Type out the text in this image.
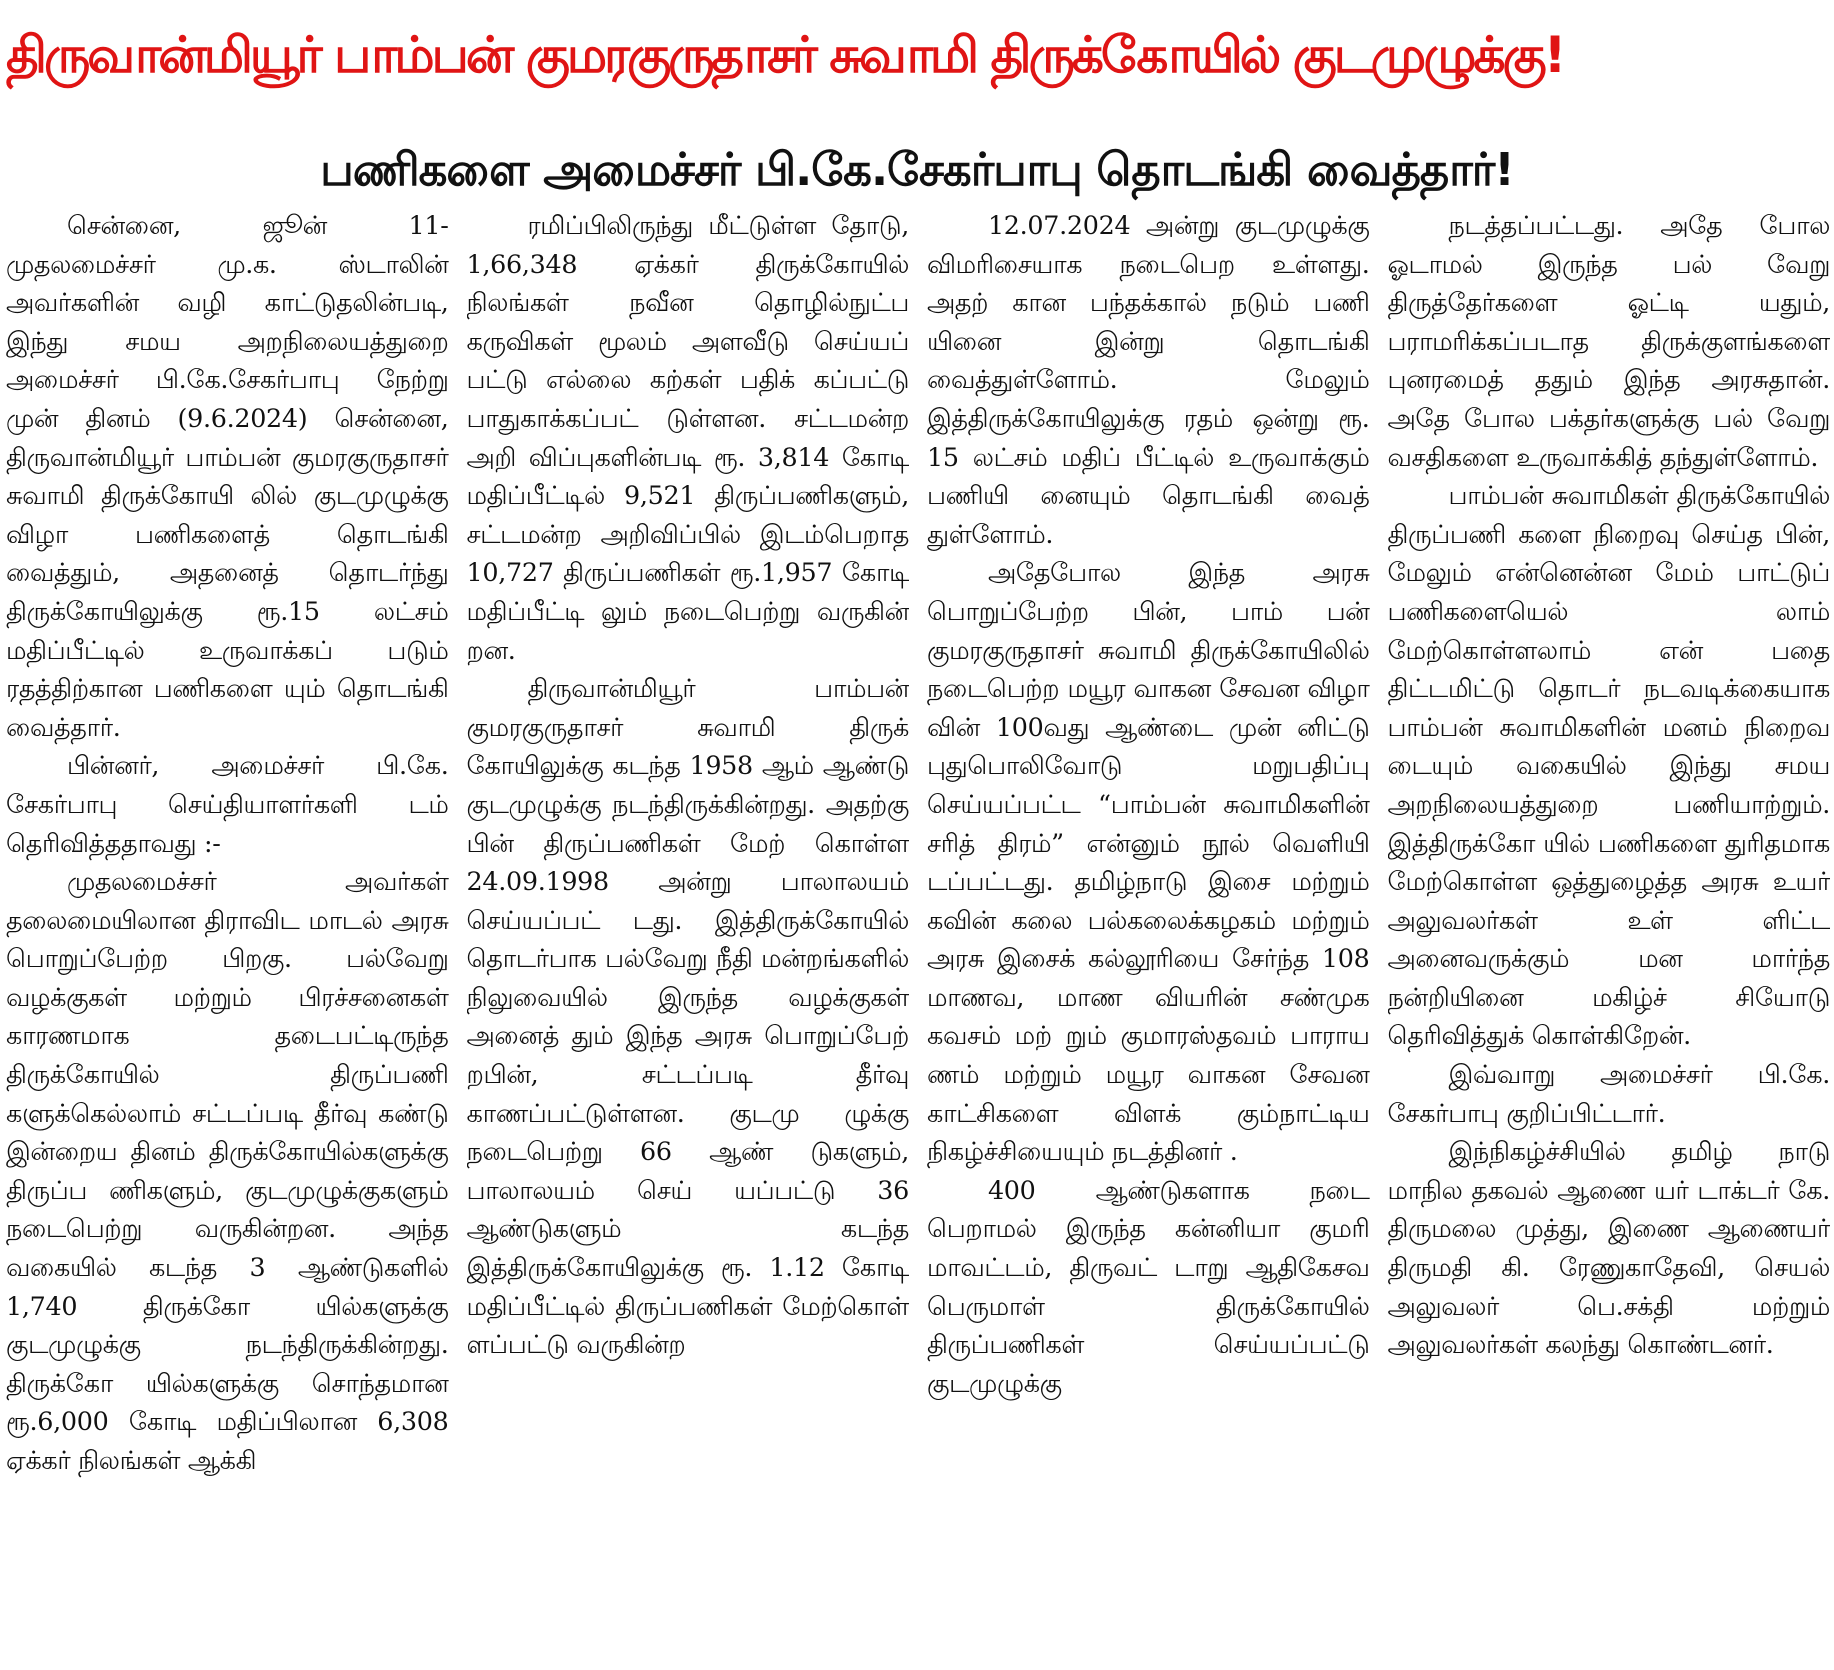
திருவான்மியூர் பாம்பன் குமரகுருதாசர் சுவாமி திருக்கோயில் குடமுழுக்கு!
பணிகளை அமைச்சர் பி.கே.சேகர்பாபு தொடங்கி வைத்தார்!

சென்னை, ஜூன் 11- முதலமைச்சர் மு.க. ஸ்டாலின் அவர்களின் வழி காட்டுதலின்படி, இந்து சமய அறநிலையத்துறை அமைச்சர் பி.கே.சேகர்பாபு நேற்று முன் தினம் (9.6.2024) சென்னை, திருவான்மியூர் பாம்பன் குமரகுருதாசர் சுவாமி திருக்கோயி லில் குடமுழுக்கு விழா பணிகளைத் தொடங்கி வைத்தும், அதனைத் தொடர்ந்து திருக்கோயிலுக்கு ரூ.15 லட்சம் மதிப்பீட்டில் உருவாக்கப் படும் ரதத்திற்கான பணிகளை யும் தொடங்கி வைத்தார்.

பின்னர், அமைச்சர் பி.கே. சேகர்பாபு செய்தியாளர்களி டம் தெரிவித்ததாவது :-

முதலமைச்சர் அவர்கள் தலைமையிலான திராவிட மாடல் அரசு பொறுப்பேற்ற பிறகு. பல்வேறு வழக்குகள் மற்றும் பிரச்சனைகள் காரணமாக தடைபட்டிருந்த திருக்கோயில் திருப்பணி களுக்கெல்லாம் சட்டப்படி தீர்வு கண்டு இன்றைய தினம் திருக்கோயில்களுக்கு திருப்ப ணிகளும், குடமுழுக்குகளும் நடைபெற்று வருகின்றன. அந்த வகையில் கடந்த 3 ஆண்டுகளில் 1,740 திருக்கோ யில்களுக்கு குடமுழுக்கு நடந்திருக்கின்றது. திருக்கோ யில்களுக்கு சொந்தமான ரூ.6,000 கோடி மதிப்பிலான 6,308 ஏக்கர் நிலங்கள் ஆக்கி

ரமிப்பிலிருந்து மீட்டுள்ள தோடு, 1,66,348 ஏக்கர் திருக்கோயில் நிலங்கள் நவீன தொழில்நுட்ப கருவிகள் மூலம் அளவீடு செய்யப் பட்டு எல்லை கற்கள் பதிக் கப்பட்டு பாதுகாக்கப்பட் டுள்ளன. சட்டமன்ற அறி விப்புகளின்படி ரூ. 3,814 கோடி மதிப்பீட்டில் 9,521 திருப்பணிகளும், சட்டமன்ற அறிவிப்பில் இடம்பெறாத 10,727 திருப்பணிகள் ரூ.1,957 கோடி மதிப்பீட்டி லும் நடைபெற்று வருகின் றன.

திருவான்மியூர் பாம்பன் குமரகுருதாசர் சுவாமி திருக் கோயிலுக்கு கடந்த 1958 ஆம் ஆண்டு குடமுழுக்கு நடந்திருக்கின்றது. அதற்கு பின் திருப்பணிகள் மேற் கொள்ள 24.09.1998 அன்று பாலாலயம் செய்யப்பட் டது. இத்திருக்கோயில் தொடர்பாக பல்வேறு நீதி மன்றங்களில் நிலுவையில் இருந்த வழக்குகள் அனைத் தும் இந்த அரசு பொறுப்பேற் றபின், சட்டப்படி தீர்வு காணப்பட்டுள்ளன. குடமு ழுக்கு நடைபெற்று 66 ஆண் டுகளும், பாலாலயம் செய் யப்பட்டு 36 ஆண்டுகளும் கடந்த இத்திருக்கோயிலுக்கு ரூ. 1.12 கோடி மதிப்பீட்டில் திருப்பணிகள் மேற்கொள் ளப்பட்டு வருகின்ற

12.07.2024 அன்று குடமுழுக்கு விமரிசையாக நடைபெற உள்ளது. அதற் கான பந்தக்கால் நடும் பணி யினை இன்று தொடங்கி வைத்துள்ளோம். மேலும் இத்திருக்கோயிலுக்கு ரதம் ஒன்று ரூ. 15 லட்சம் மதிப் பீட்டில் உருவாக்கும் பணியி னையும் தொடங்கி வைத் துள்ளோம்.

அதேபோல இந்த அரசு பொறுப்பேற்ற பின், பாம் பன் குமரகுருதாசர் சுவாமி திருக்கோயிலில் நடைபெற்ற மயூர வாகன சேவன விழா வின் 100வது ஆண்டை முன் னிட்டு புதுபொலிவோடு மறுபதிப்பு செய்யப்பட்ட “பாம்பன் சுவாமிகளின் சரித் திரம்” என்னும் நூல் வெளியி டப்பட்டது. தமிழ்நாடு இசை மற்றும் கவின் கலை பல்கலைக்கழகம் மற்றும் அரசு இசைக் கல்லூரியை சேர்ந்த 108 மாணவ, மாண வியரின் சண்முக கவசம் மற் றும் குமாரஸ்தவம் பாராய ணம் மற்றும் மயூர வாகன சேவன காட்சிகளை விளக் கும்நாட்டிய நிகழ்ச்சியையும் நடத்தினர் .

400 ஆண்டுகளாக நடை பெறாமல் இருந்த கன்னியா குமரி மாவட்டம், திருவட் டாறு ஆதிகேசவ பெருமாள் திருக்கோயில் திருப்பணிகள் செய்யப்பட்டு குடமுழுக்கு

நடத்தப்பட்டது. அதே போல ஓடாமல் இருந்த பல் வேறு திருத்தேர்களை ஓட்டி யதும், பராமரிக்கப்படாத திருக்குளங்களை புனரமைத் ததும் இந்த அரசுதான். அதே போல பக்தர்களுக்கு பல் வேறு வசதிகளை உருவாக்கித் தந்துள்ளோம்.

பாம்பன் சுவாமிகள் திருக்கோயில் திருப்பணி களை நிறைவு செய்த பின், மேலும் என்னென்ன மேம் பாட்டுப் பணிகளையெல் லாம் மேற்கொள்ளலாம் என் பதை திட்டமிட்டு தொடர் நடவடிக்கையாக பாம்பன் சுவாமிகளின் மனம் நிறைவ டையும் வகையில் இந்து சமய அறநிலையத்துறை பணியாற்றும். இத்திருக்கோ யில் பணிகளை துரிதமாக மேற்கொள்ள ஒத்துழைத்த அரசு உயர் அலுவலர்கள் உள் ளிட்ட அனைவருக்கும் மன மார்ந்த நன்றியினை மகிழ்ச் சியோடு தெரிவித்துக் கொள்கிறேன்.

இவ்வாறு அமைச்சர் பி.கே. சேகர்பாபு குறிப்பிட்டார்.

இந்நிகழ்ச்சியில் தமிழ் நாடு மாநில தகவல் ஆணை யர் டாக்டர் கே. திருமலை முத்து, இணை ஆணையர் திருமதி கி. ரேணுகாதேவி, செயல் அலுவலர் பெ.சக்தி மற்றும் அலுவலர்கள் கலந்து கொண்டனர்.
